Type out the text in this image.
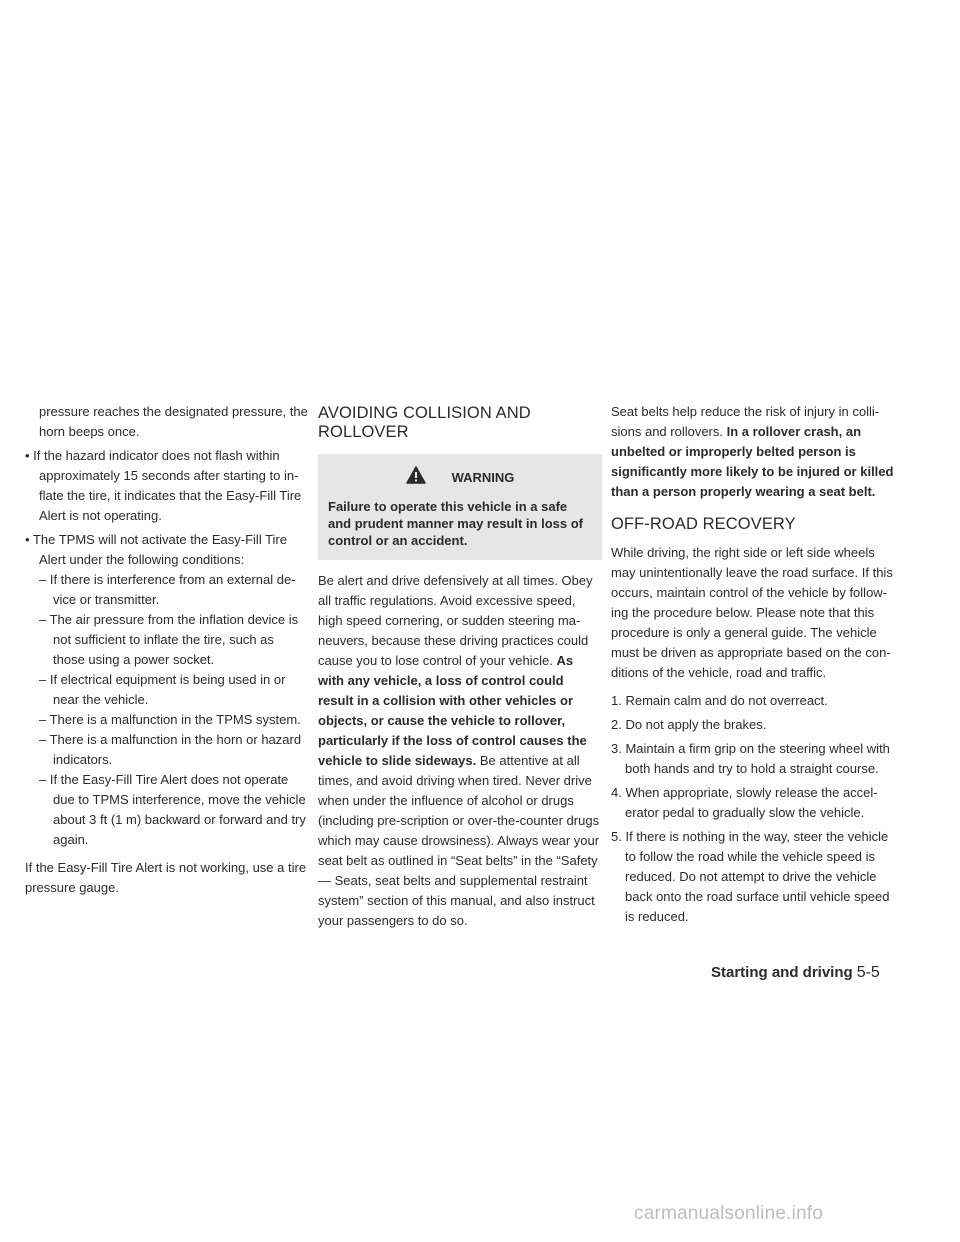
pressure reaches the designated pressure, the horn beeps once.

• If the hazard indicator does not flash within approximately 15 seconds after starting to in-flate the tire, it indicates that the Easy-Fill Tire Alert is not operating.

• The TPMS will not activate the Easy-Fill Tire Alert under the following conditions:

– If there is interference from an external de-vice or transmitter.

– The air pressure from the inflation device is not sufficient to inflate the tire, such as those using a power socket.

– If electrical equipment is being used in or near the vehicle.

– There is a malfunction in the TPMS system.

– There is a malfunction in the horn or hazard indicators.

– If the Easy-Fill Tire Alert does not operate due to TPMS interference, move the vehicle about 3 ft (1 m) backward or forward and try again.

If the Easy-Fill Tire Alert is not working, use a tire pressure gauge.

AVOIDING COLLISION AND ROLLOVER
WARNING
Failure to operate this vehicle in a safe and prudent manner may result in loss of control or an accident.

Be alert and drive defensively at all times. Obey all traffic regulations. Avoid excessive speed, high speed cornering, or sudden steering ma-neuvers, because these driving practices could cause you to lose control of your vehicle. As with any vehicle, a loss of control could result in a collision with other vehicles or objects, or cause the vehicle to rollover, particularly if the loss of control causes the vehicle to slide sideways. Be attentive at all times, and avoid driving when tired. Never drive when under the influence of alcohol or drugs (including pre-scription or over-the-counter drugs which may cause drowsiness). Always wear your seat belt as outlined in “Seat belts” in the “Safety — Seats, seat belts and supplemental restraint system” section of this manual, and also instruct your passengers to do so.

Seat belts help reduce the risk of injury in colli-sions and rollovers. In a rollover crash, an unbelted or improperly belted person is significantly more likely to be injured or killed than a person properly wearing a seat belt.

OFF-ROAD RECOVERY

While driving, the right side or left side wheels may unintentionally leave the road surface. If this occurs, maintain control of the vehicle by follow-ing the procedure below. Please note that this procedure is only a general guide. The vehicle must be driven as appropriate based on the con-ditions of the vehicle, road and traffic.

1. Remain calm and do not overreact.

2. Do not apply the brakes.

3. Maintain a firm grip on the steering wheel with both hands and try to hold a straight course.

4. When appropriate, slowly release the accel-erator pedal to gradually slow the vehicle.

5. If there is nothing in the way, steer the vehicle to follow the road while the vehicle speed is reduced. Do not attempt to drive the vehicle back onto the road surface until vehicle speed is reduced.

Starting and driving 5-5
carmanualsonline.info
